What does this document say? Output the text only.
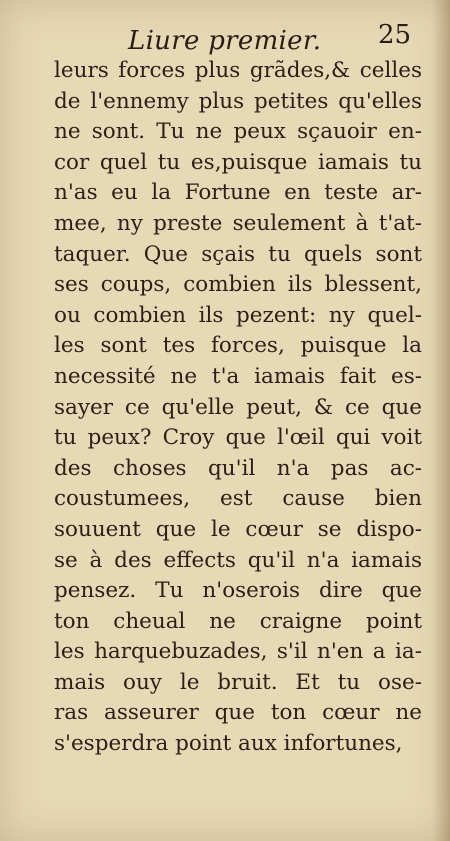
Liure premier. 25
leurs forces plus grãdes,& celles
de l'ennemy plus petites qu'elles
ne sont. Tu ne peux sçauoir en-
cor quel tu es,puisque iamais tu
n'as eu la Fortune en teste ar-
mee, ny preste seulement à t'at-
taquer. Que sçais tu quels sont
ses coups, combien ils blessent,
ou combien ils pezent: ny quel-
les sont tes forces, puisque la
necessité ne t'a iamais fait es-
sayer ce qu'elle peut, & ce que
tu peux? Croy que l'œil qui voit
des choses qu'il n'a pas ac-
coustumees, est cause bien
souuent que le cœur se dispo-
se à des effects qu'il n'a iamais
pensez. Tu n'oserois dire que
ton cheual ne craigne point
les harquebuzades, s'il n'en a ia-
mais ouy le bruit. Et tu ose-
ras asseurer que ton cœur ne
s'esperdra point aux infortunes,
